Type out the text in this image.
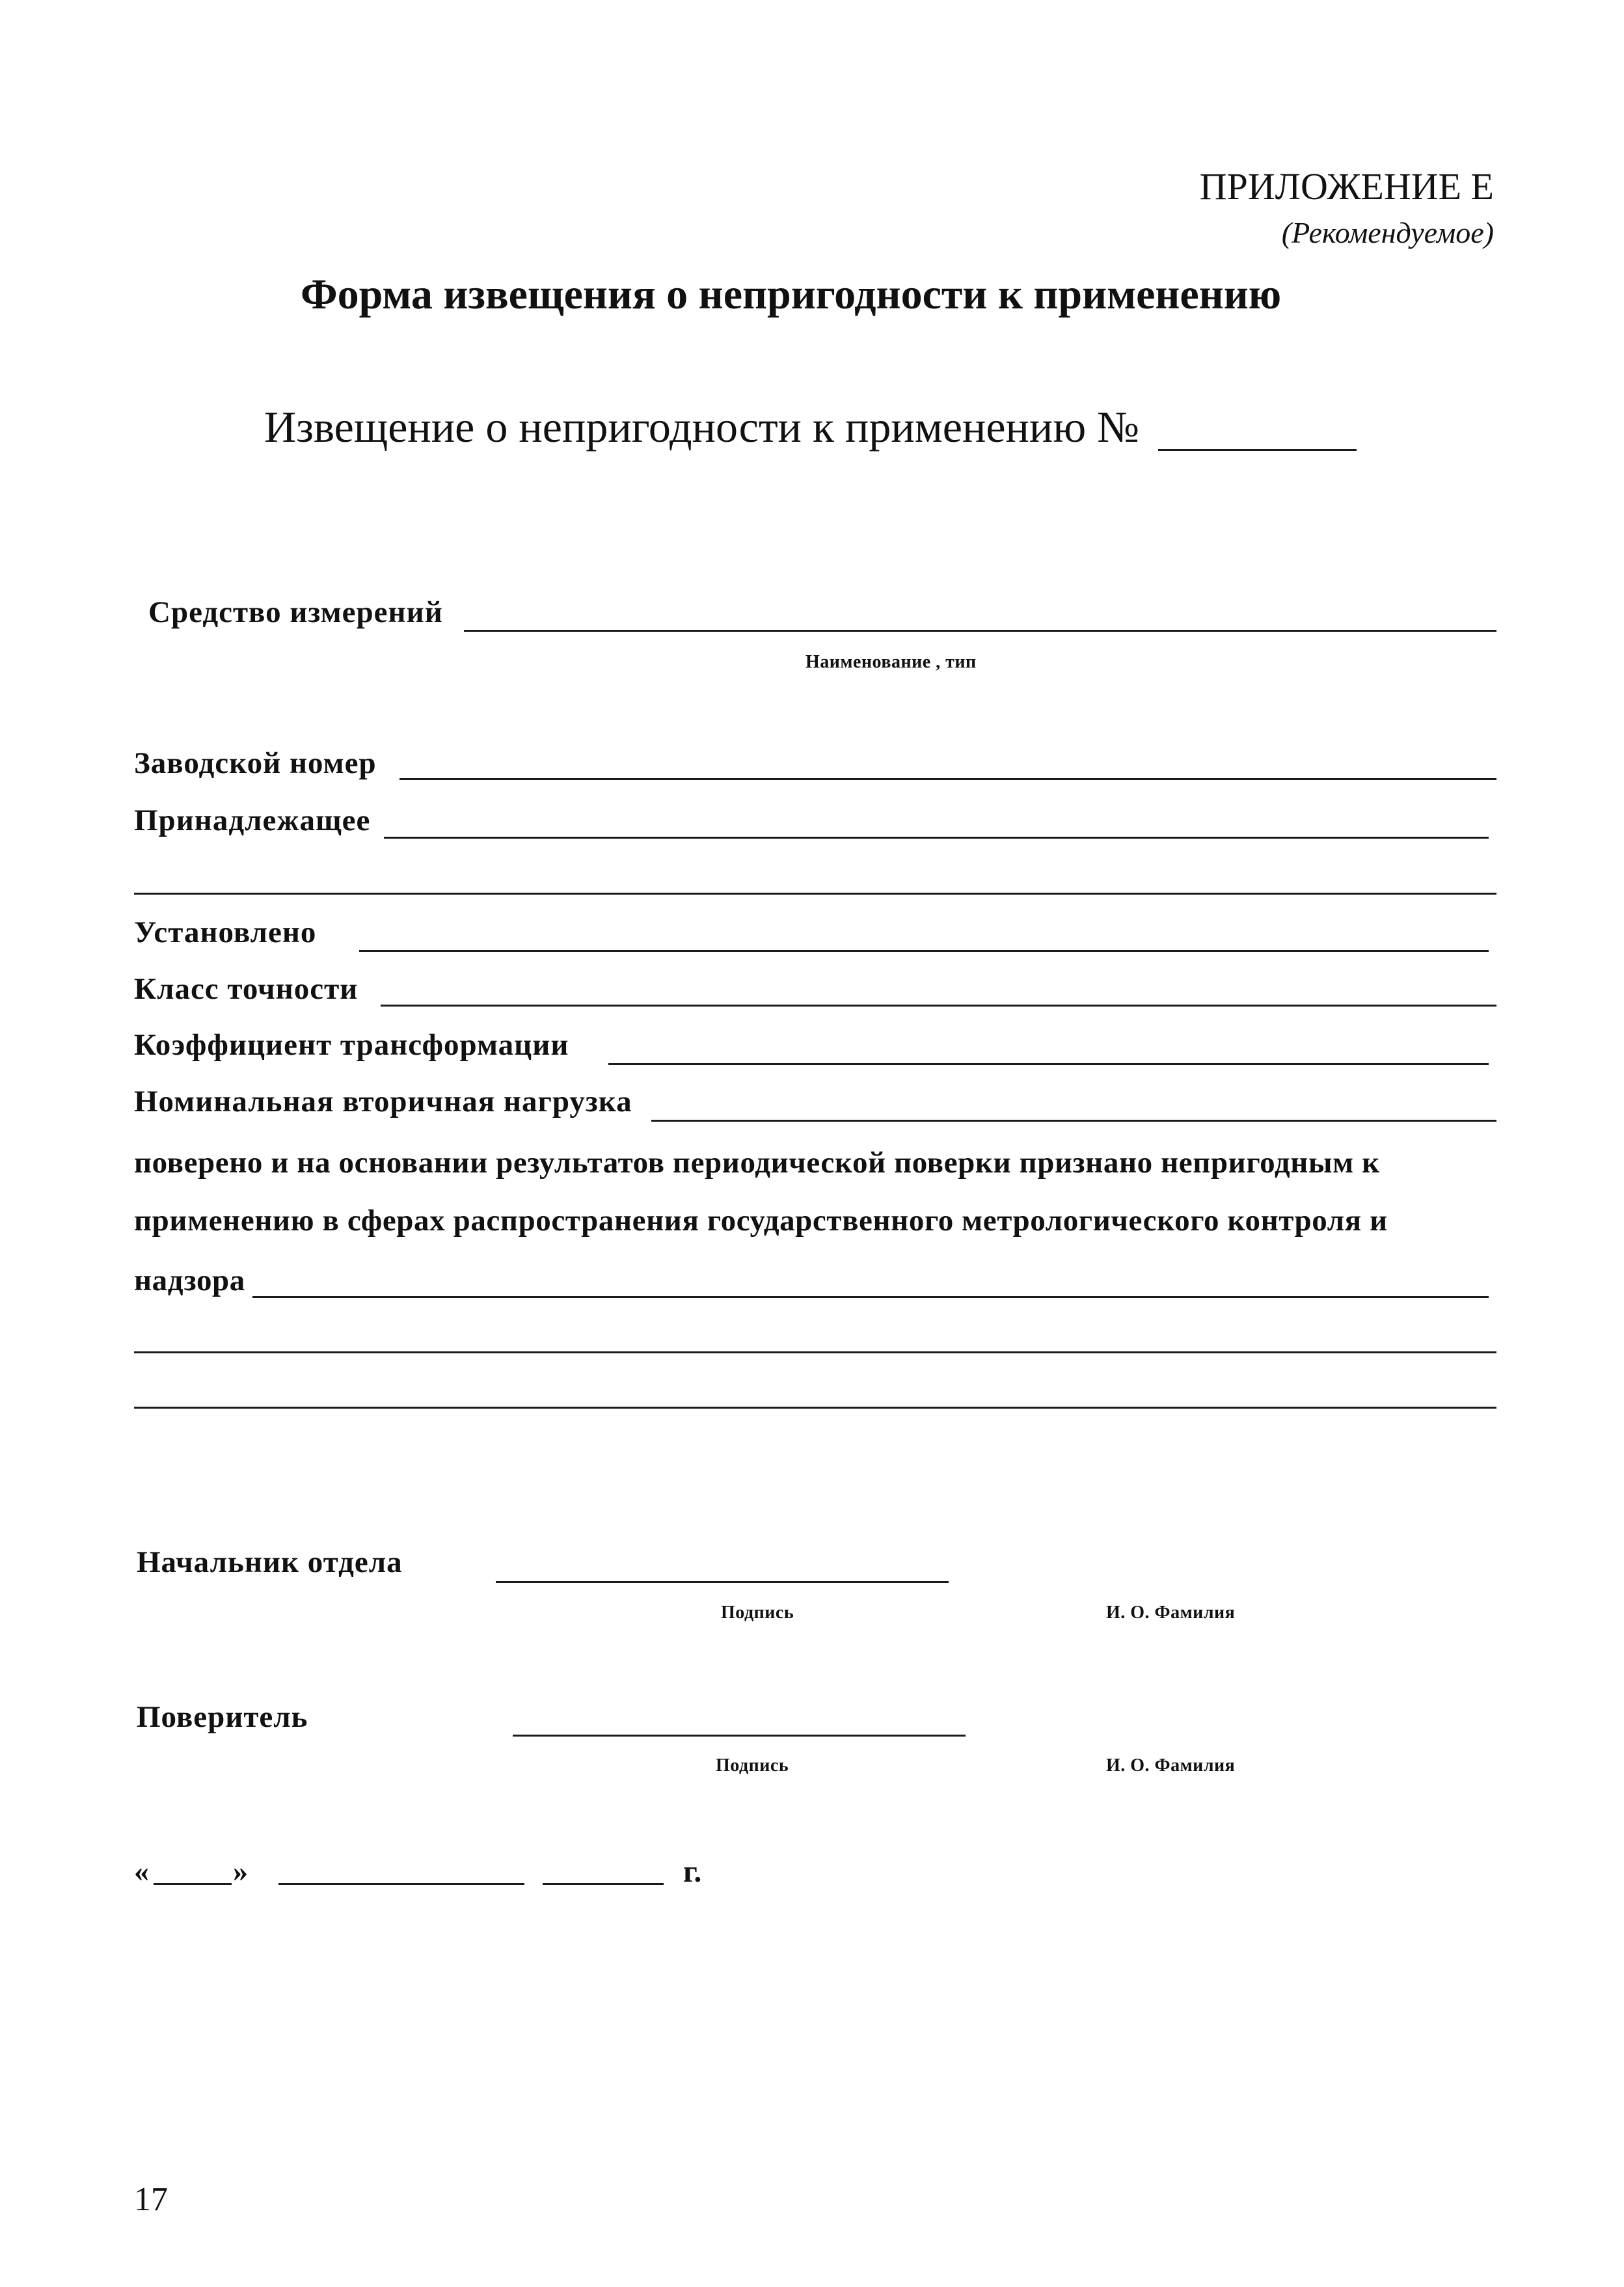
ПРИЛОЖЕНИЕ Е
(Рекомендуемое)
Форма извещения о непригодности к применению
Извещение о непригодности к применению №
Средство измерений
Наименование , тип
Заводской номер
Принадлежащее
Установлено
Класс точности
Коэффициент трансформации
Номинальная вторичная нагрузка
поверено и на основании результатов периодической поверки признано непригодным к
применению в сферах распространения государственного метрологического контроля и
надзора
Начальник отдела
Подпись	И. О. Фамилия
Поверитель
Подпись	И. О. Фамилия
«	»	г.
17
